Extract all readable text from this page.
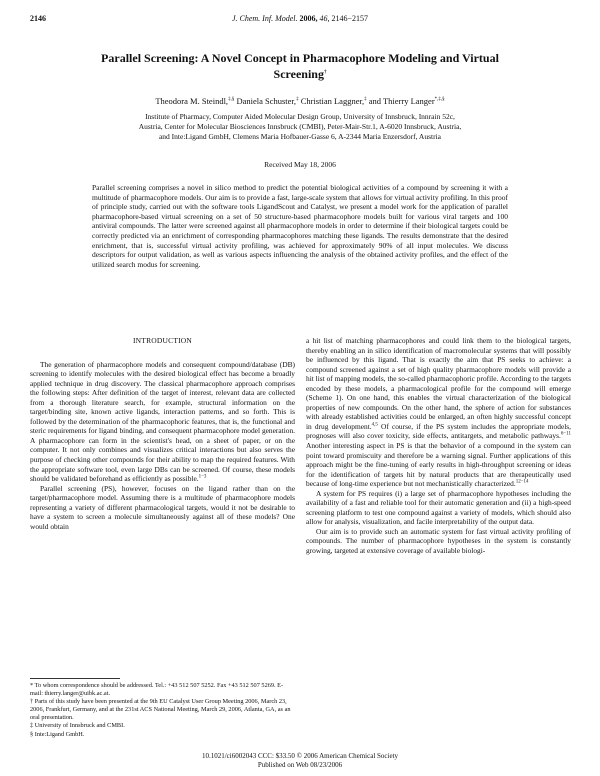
2146	J. Chem. Inf. Model. 2006, 46, 2146−2157
Parallel Screening: A Novel Concept in Pharmacophore Modeling and Virtual
Screening†
Theodora M. Steindl,‡,§ Daniela Schuster,‡ Christian Laggner,‡ and Thierry Langer*,‡,§
Institute of Pharmacy, Computer Aided Molecular Design Group, University of Innsbruck, Innrain 52c,
Austria, Center for Molecular Biosciences Innsbruck (CMBI), Peter-Mair-Str.1, A-6020 Innsbruck, Austria,
and Inte:Ligand GmbH, Clemens Maria Hofbauer-Gasse 6, A-2344 Maria Enzersdorf, Austria
Received May 18, 2006
Parallel screening comprises a novel in silico method to predict the potential biological activities of a compound by screening it with a multitude of pharmacophore models. Our aim is to provide a fast, large-scale system that allows for virtual activity profiling. In this proof of principle study, carried out with the software tools LigandScout and Catalyst, we present a model work for the application of parallel pharmacophore-based virtual screening on a set of 50 structure-based pharmacophore models built for various viral targets and 100 antiviral compounds. The latter were screened against all pharmacophore models in order to determine if their biological targets could be correctly predicted via an enrichment of corresponding pharmacophores matching these ligands. The results demonstrate that the desired enrichment, that is, successful virtual activity profiling, was achieved for approximately 90% of all input molecules. We discuss descriptors for output validation, as well as various aspects influencing the analysis of the obtained activity profiles, and the effect of the utilized search modus for screening.
INTRODUCTION

The generation of pharmacophore models and consequent compound/database (DB) screening to identify molecules with the desired biological effect has become a broadly applied technique in drug discovery. The classical pharmacophore approach comprises the following steps: After definition of the target of interest, relevant data are collected from a thorough literature search, for example, structural information on the target/binding site, known active ligands, interaction patterns, and so forth. This is followed by the determination of the pharmacophoric features, that is, the functional and steric requirements for ligand binding, and consequent pharmacophore model generation. A pharmacophore can form in the scientist's head, on a sheet of paper, or on the computer. It not only combines and visualizes critical interactions but also serves the purpose of checking other compounds for their ability to map the required features. With the appropriate software tool, even large DBs can be screened. Of course, these models should be validated beforehand as efficiently as possible.$^{1-3}$

Parallel screening (PS), however, focuses on the ligand rather than on the target/pharmacophore model. Assuming there is a multitude of pharmacophore models representing a variety of different pharmacological targets, would it not be desirable to have a system to screen a molecule simultaneously against all of these models? One would obtain

a hit list of matching pharmacophores and could link them to the biological targets, thereby enabling an in silico identification of macromolecular systems that will possibly be influenced by this ligand. That is exactly the aim that PS seeks to achieve: a compound screened against a set of high quality pharmacophore models will provide a hit list of mapping models, the so-called pharmacophoric profile. According to the targets encoded by these models, a pharmacological profile for the compound will emerge (Scheme 1). On one hand, this enables the virtual characterization of the biological properties of new compounds. On the other hand, the sphere of action for substances with already established activities could be enlarged, an often highly successful concept in drug development.$^{4,5}$ Of course, if the PS system includes the appropriate models, prognoses will also cover toxicity, side effects, antitargets, and metabolic pathways.$^{6-11}$ Another interesting aspect in PS is that the behavior of a compound in the system can point toward promiscuity and therefore be a warning signal. Further applications of this approach might be the fine-tuning of early results in high-throughput screening or ideas for the identification of targets hit by natural products that are therapeutically used because of long-time experience but not mechanistically characterized.$^{12-14}$

A system for PS requires (i) a large set of pharmacophore hypotheses including the availability of a fast and reliable tool for their automatic generation and (ii) a high-speed screening platform to test one compound against a variety of models, which should also allow for analysis, visualization, and facile interpretability of the output data.

Our aim is to provide such an automatic system for fast virtual activity profiling of compounds. The number of pharmacophore hypotheses in the system is constantly growing, targeted at extensive coverage of available biologi-

* To whom correspondence should be addressed. Tel.: +43 512 507 5252. Fax +43 512 507 5269. E-mail: thierry.langer@uibk.ac.at.
† Parts of this study have been presented at the 9th EU Catalyst User Group Meeting 2006, March 23, 2006, Frankfurt, Germany, and at the 231st ACS National Meeting, March 29, 2006, Atlanta, GA, as an oral presentation.
‡ University of Innsbruck and CMBI.
§ Inte:Ligand GmbH.
10.1021/ci6002043 CCC: $33.50 © 2006 American Chemical Society
Published on Web 08/23/2006
